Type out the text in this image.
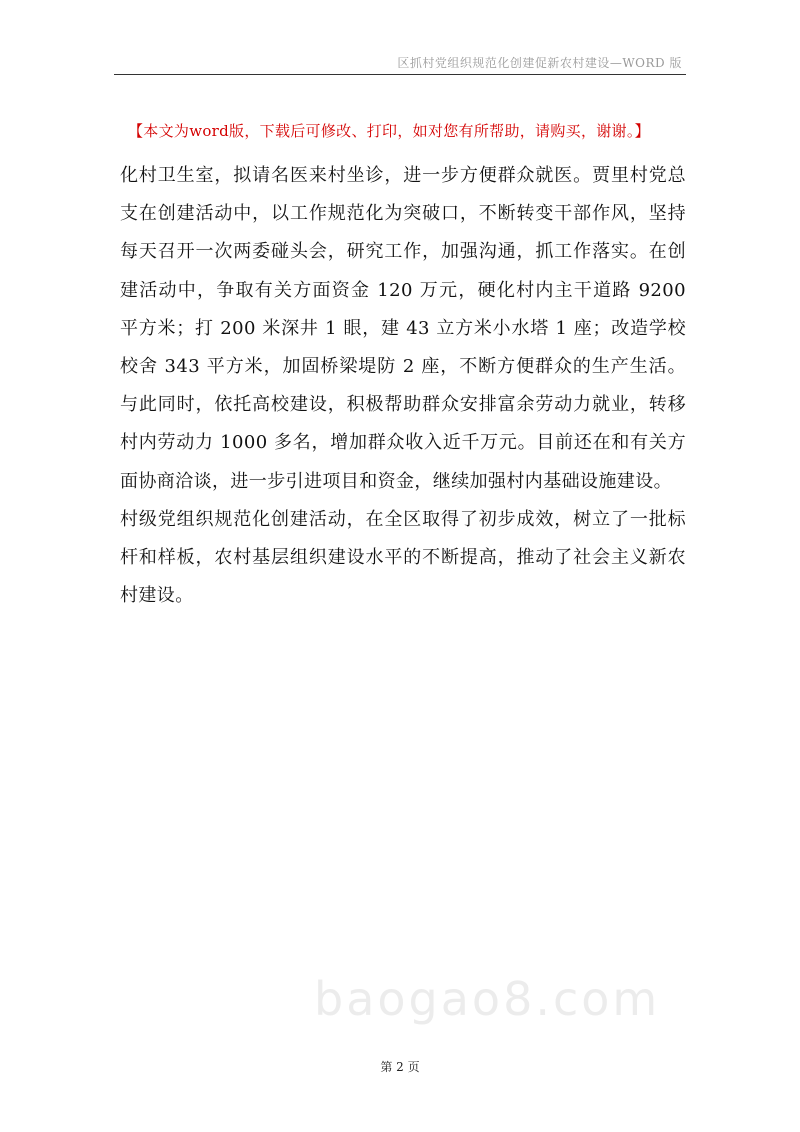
区抓村党组织规范化创建促新农村建设—WORD 版
【本文为word版，下载后可修改、打印，如对您有所帮助，请购买，谢谢。】

化村卫生室，拟请名医来村坐诊，进一步方便群众就医。贾里村党总支在创建活动中，以工作规范化为突破口，不断转变干部作风，坚持每天召开一次两委碰头会，研究工作，加强沟通，抓工作落实。在创建活动中，争取有关方面资金 120 万元，硬化村内主干道路 9200 平方米；打 200 米深井 1 眼，建 43 立方米小水塔 1 座；改造学校校舍 343 平方米，加固桥梁堤防 2 座，不断方便群众的生产生活。与此同时，依托高校建设，积极帮助群众安排富余劳动力就业，转移村内劳动力 1000 多名，增加群众收入近千万元。目前还在和有关方面协商洽谈，进一步引进项目和资金，继续加强村内基础设施建设。

村级党组织规范化创建活动，在全区取得了初步成效，树立了一批标杆和样板，农村基层组织建设水平的不断提高，推动了社会主义新农村建设。

baogao8.com
第 2 页
